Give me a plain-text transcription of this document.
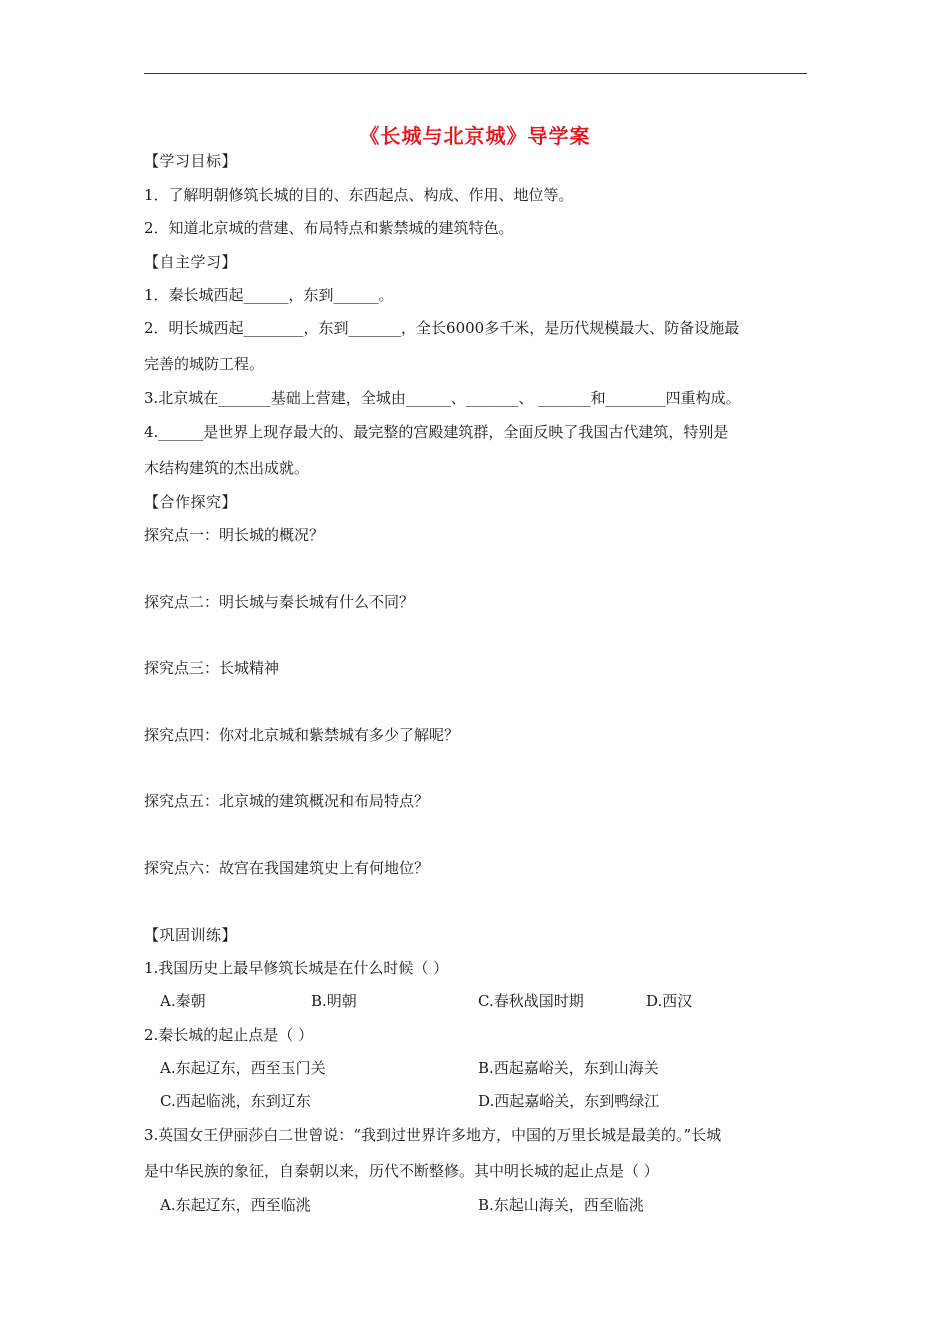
《长城与北京城》导学案
【学习目标】
1．了解明朝修筑长城的目的、东西起点、构成、作用、地位等。
2．知道北京城的营建、布局特点和紫禁城的建筑特色。
【自主学习】
1．秦长城西起______，东到______。
2．明长城西起________，东到_______，全长6000多千米，是历代规模最大、防备设施最
完善的城防工程。
3.北京城在_______基础上营建，全城由______、_______、 _______和________四重构成。
4.______是世界上现存最大的、最完整的宫殿建筑群，全面反映了我国古代建筑，特别是
木结构建筑的杰出成就。
【合作探究】
探究点一：明长城的概况？
探究点二：明长城与秦长城有什么不同？
探究点三：长城精神
探究点四：你对北京城和紫禁城有多少了解呢？
探究点五：北京城的建筑概况和布局特点？
探究点六：故宫在我国建筑史上有何地位？
【巩固训练】
1.我国历史上最早修筑长城是在什么时候（ ）
A.秦朝	B.明朝	C.春秋战国时期	D.西汉
2.秦长城的起止点是（ ）
A.东起辽东，西至玉门关	B.西起嘉峪关，东到山海关
C.西起临洮，东到辽东	D.西起嘉峪关，东到鸭绿江
3.英国女王伊丽莎白二世曾说：“我到过世界许多地方，中国的万里长城是最美的。”长城
是中华民族的象征，自秦朝以来，历代不断整修。其中明长城的起止点是（ ）
A.东起辽东，西至临洮	B.东起山海关，西至临洮
